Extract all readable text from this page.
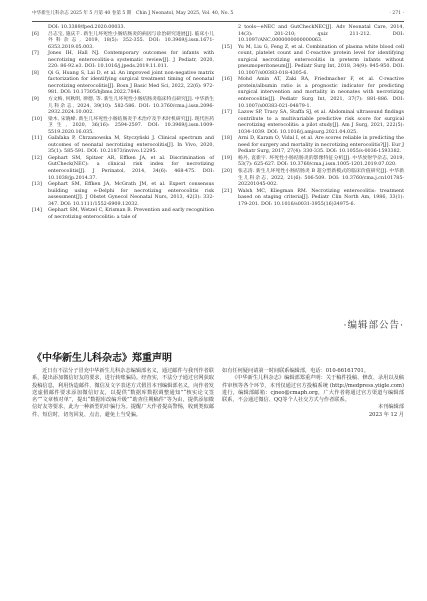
中华新生儿科杂志 2025 年 5 月第 40 卷第 5 期　Chin J Neonatol, May 2025, Vol. 40, No. 5	· 271 ·
DOI: 10.3389/fped.2020.00033.
[6]	吕志宝, 施庆千. 新生儿坏死性小肠结肠炎的病因与诊治研究进展[J]. 临床小儿外科杂志, 2019, 18(5): 352-355. DOI: 10.3969/j.issn.1671-6353.2019.05.003.
[7]	Jones IH, Hall NJ. Contemporary outcomes for infants with necrotizing enterocolitis-a systematic review[J]. J Pediatr, 2020, 220: 86-92.e3. DOI: 10.1016/j.jpeds.2019.11.011.
[8]	Qi G, Huang S, Lai D, et al. An improved joint non-negative matrix factorization for identifying surgical treatment timing of neonatal necrotizing enterocolitis[J]. Bosn J Basic Med Sci, 2022, 22(6): 972-981. DOI: 10.17305/bjbms.2022.7846.
[9]	方文梅, 何秋明, 律德, 等. 新生儿坏死性小肠结肠炎临床特点研究[J]. 中华新生儿科杂志, 2024, 39(10): 582-586. DOI: 10.3760/cma.j.issn.2096-2932.2024.10.002.
[10]	梁木, 宋晓峰. 新生儿坏死性小肠结肠炎手术治疗及手术时机研究[J]. 现代医药卫生, 2020, 36(16): 2594-2597. DOI: 10.3969/j.issn.1009-5519.2020.16.035.
[11]	Gaľaľaka P, Chrzanowska M, Styczyński J. Clinical spectrum and outcomes of neonatal necrotizing enterocolitis[J]. In Vivo, 2020, 35(1): 585-591. DOI: 10.21873/invivo.12295.
[12]	Gephart SM, Spitzer AR, Effken JA, et al. Discrimination of GutCheck(NEC): a clinical risk index for necrotizing enterocolitis[J]. J Perinatol, 2014, 34(6): 468-475. DOI: 10.1038/jp.2014.37.
[13]	Gephart SM, Effken JA, McGrath JM, et al. Expert consensus building using e-Delphi for necrotizing enterocolitis risk assessment[J]. J Obstet Gynecol Neonatal Nurs, 2013, 42(3): 332-347. DOI: 10.1111/1552-6909.12032.
[14]	Gephart SM, Wetzel C, Krisman B. Prevention and early recognition of necrotizing enterocolitis: a tale of
2 tools—eNEC and GutCheckNEC[J]. Adv Neonatal Care, 2014, 14(3): 201-210; quiz 211-212. DOI: 10.1097/ANC.0000000000000063.
[15]	Yu M, Liu G, Feng Z, et al. Combination of plasma white blood cell count, platelet count and C-reactive protein level for identifying surgical necrotizing enterocolitis in preterm infants without pneumoperitoneum[J]. Pediatr Surg Int, 2018, 34(9): 945-950. DOI: 10.1007/s00383-018-4305-6.
[16]	Mohd Amin AT, Zaki RA, Friedmacher F, et al. C-reactive protein/albumin ratio is a prognostic indicator for predicting surgical intervention and mortality in neonates with necrotizing enterocolitis[J]. Pediatr Surg Int, 2021, 37(7): 881-886. DOI: 10.1007/s00383-021-04879-1.
[17]	Lazow SP, Tracy SA, Staffa SJ, et al. Abdominal ultrasound findings contribute to a multivariable predictive risk score for surgical necrotizing enterocolitis: a pilot study[J]. Am J Surg, 2021, 222(5): 1034-1039. DOI: 10.1016/j.amjsurg.2021.04.025.
[18]	Arni D, Karam O, Vidal I, et al. Are scores reliable in predicting the need for surgery and mortality in necrotizing enterocolitis?[J]. Eur J Pediatr Surg, 2017, 27(4): 330-335. DOI: 10.1055/s-0036-1593382.
[19]	杨丹, 袁新宇. 坏死性小肠结肠炎的影像特征分析[J]. 中华放射学杂志, 2019, 53(7): 625-627. DOI: 10.3760/cma.j.issn.1005-1201.2019.07.020.
[20]	张志清. 新生儿坏死性小肠结肠炎 B 超分型新模式的临床价值研究[J]. 中华新生儿科杂志, 2022, 21(6): 506-509. DOI: 10.3760/cma.j.cn101785-202201045-002.
[21]	Walsh MC, Kliegman RM. Necrotizing enterocolitis: treatment based on staging criteria[J]. Pediatr Clin North Am, 1986, 33(1): 179-201. DOI: 10.1016/s0031-3955(16)34975-6.
·编辑部公告·
《中华新生儿科杂志》郑重声明

近日有不法分子冒充中华新生儿科杂志编辑部名义，通过邮件与我刊作者联系，提出添加微信好友的要求，进行转账骗局。经查实，不法分子通过官网获取投稿信息，利用伪造邮件、微信及文字表述方式假冒本刊编辑部名义，向作者发送虚假邮件要求添加微信好友，以提供“数据库数据调整通知”“核实论文签名”“文章核对单”，提出“数据库改编升级”“助查往期稿件”等为由，提供添加微信好友等要求，此为一种新型的诈骗行为。提醒广大作者提高警惕，收到类似邮件、短信时，切勿回复、点击，避免上当受骗。

如有任何疑问请第一时间联系编辑部，电话：010-66161701。

《中华新生儿科杂志》编辑部郑重声明：关于稿件投稿、修改、录用以及稿件审核等各个环节，本刊仅通过官方投稿系统 (http://medpress.yiigle.com) 进行，编辑部邮箱：cjneo@cmaph.org，广大作者将通过官方渠道与编辑部联系，不会通过微信、QQ等个人社交方式与作者联系。

本刊编辑部

2023 年 12 月
